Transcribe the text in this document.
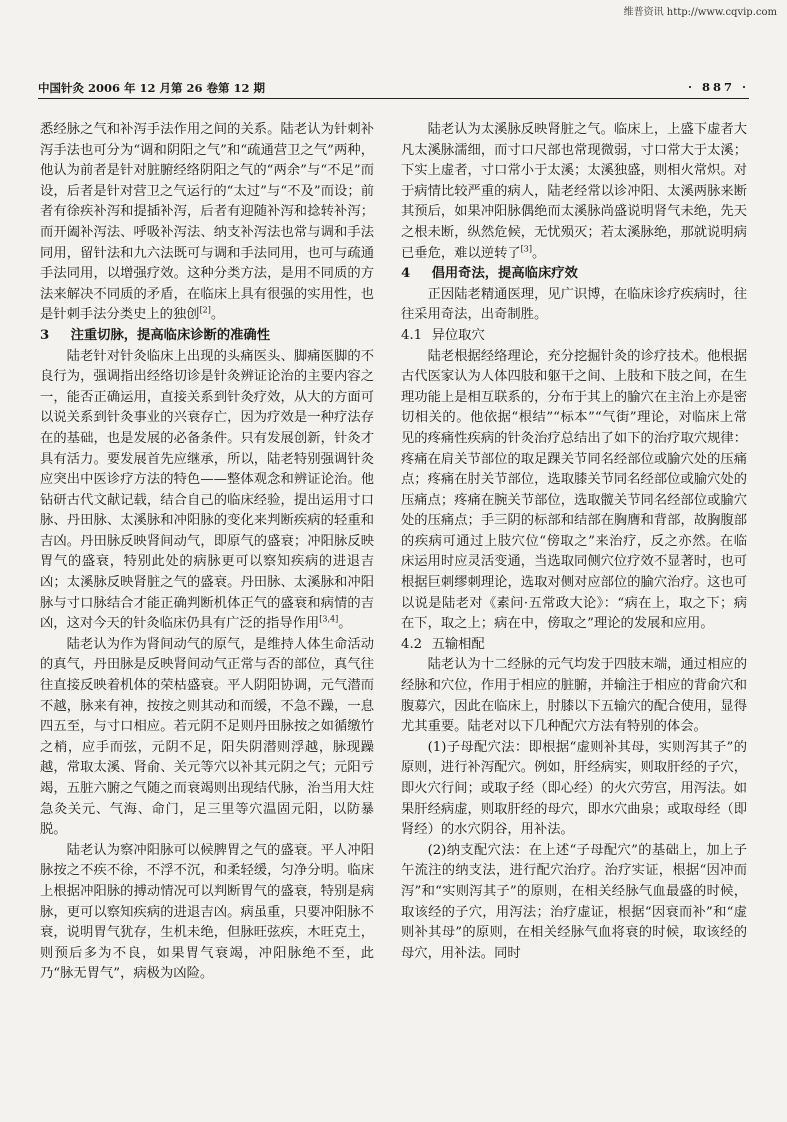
维普资讯 http://www.cqvip.com
中国针灸 2006 年 12 月第 26 卷第 12 期	· 887 ·

悉经脉之气和补泻手法作用之间的关系。陆老认为针刺补泻手法也可分为“调和阴阳之气”和“疏通营卫之气”两种，他认为前者是针对脏腑经络阴阳之气的“两余”与“不足”而设，后者是针对营卫之气运行的“太过”与“不及”而设；前者有徐疾补泻和提插补泻，后者有迎随补泻和捻转补泻；而开阖补泻法、呼吸补泻法、纳支补泻法也常与调和手法同用，留针法和九六法既可与调和手法同用，也可与疏通手法同用，以增强疗效。这种分类方法，是用不同质的方法来解决不同质的矛盾，在临床上具有很强的实用性，也是针刺手法分类史上的独创[2]。

3 注重切脉，提高临床诊断的准确性

陆老针对针灸临床上出现的头痛医头、脚痛医脚的不良行为，强调指出经络切诊是针灸辨证论治的主要内容之一，能否正确运用，直接关系到针灸疗效，从大的方面可以说关系到针灸事业的兴衰存亡，因为疗效是一种疗法存在的基础，也是发展的必备条件。只有发展创新，针灸才具有活力。要发展首先应继承，所以，陆老特别强调针灸应突出中医诊疗方法的特色——整体观念和辨证论治。他钻研古代文献记载，结合自己的临床经验，提出运用寸口脉、丹田脉、太溪脉和冲阳脉的变化来判断疾病的轻重和吉凶。丹田脉反映肾间动气，即原气的盛衰；冲阳脉反映胃气的盛衰，特别此处的病脉更可以察知疾病的进退吉凶；太溪脉反映肾脏之气的盛衰。丹田脉、太溪脉和冲阳脉与寸口脉结合才能正确判断机体正气的盛衰和病情的吉凶，这对今天的针灸临床仍具有广泛的指导作用[3,4]。

陆老认为作为肾间动气的原气，是维持人体生命活动的真气，丹田脉是反映肾间动气正常与否的部位，真气往往直接反映着机体的荣枯盛衰。平人阴阳协调，元气潜而不越，脉来有神，按按之则其动和而缓，不急不躁，一息四五至，与寸口相应。若元阴不足则丹田脉按之如循缴竹之梢，应手而弦，元阴不足，阳失阴潜则浮越，脉现躁越，常取太溪、肾俞、关元等穴以补其元阴之气；元阳亏竭，五脏六腑之气随之而衰竭则出现结代脉，治当用大炷急灸关元、气海、命门，足三里等穴温固元阳，以防暴脱。

陆老认为察冲阳脉可以候脾胃之气的盛衰。平人冲阳脉按之不疾不徐，不浮不沉，和柔轻缓，匀净分明。临床上根据冲阳脉的搏动情况可以判断胃气的盛衰，特别是病脉，更可以察知疾病的进退吉凶。病虽重，只要冲阳脉不衰，说明胃气犹存，生机未绝，但脉旺弦疾，木旺克土，则预后多为不良，如果胃气衰竭，冲阳脉绝不至，此乃“脉无胃气”，病极为凶险。

陆老认为太溪脉反映肾脏之气。临床上，上盛下虚者大凡太溪脉濡细，而寸口尺部也常现微弱，寸口常大于太溪；下实上虚者，寸口常小于太溪；太溪独盛，则相火常炽。对于病情比较严重的病人，陆老经常以诊冲阳、太溪两脉来断其预后，如果冲阳脉偶绝而太溪脉尚盛说明肾气未绝，先天之根未断，纵然危候，无忧殒灭；若太溪脉绝，那就说明病已垂危，难以逆转了[3]。

4 倡用奇法，提高临床疗效

正因陆老精通医理，见广识博，在临床诊疗疾病时，往往采用奇法，出奇制胜。

4.1 异位取穴

陆老根据经络理论，充分挖掘针灸的诊疗技术。他根据古代医家认为人体四肢和躯干之间、上肢和下肢之间，在生理功能上是相互联系的，分布于其上的腧穴在主治上亦是密切相关的。他依据“根结”“标本”“气街”理论，对临床上常见的疼痛性疾病的针灸治疗总结出了如下的治疗取穴规律：疼痛在肩关节部位的取足踝关节同名经部位或腧穴处的压痛点；疼痛在肘关节部位，选取膝关节同名经部位或腧穴处的压痛点；疼痛在腕关节部位，选取髋关节同名经部位或腧穴处的压痛点；手三阴的标部和结部在胸膺和背部，故胸腹部的疾病可通过上肢穴位“傍取之”来治疗，反之亦然。在临床运用时应灵活变通，当选取同侧穴位疗效不显著时，也可根据巨刺缪刺理论，选取对侧对应部位的腧穴治疗。这也可以说是陆老对《素问·五常政大论》：“病在上，取之下；病在下，取之上；病在中，傍取之”理论的发展和应用。

4.2 五输相配

陆老认为十二经脉的元气均发于四肢末端，通过相应的经脉和穴位，作用于相应的脏腑，并输注于相应的背俞穴和腹募穴，因此在临床上，肘膝以下五输穴的配合使用，显得尤其重要。陆老对以下几种配穴方法有特别的体会。

(1)子母配穴法：即根据“虚则补其母，实则泻其子”的原则，进行补泻配穴。例如，肝经病实，则取肝经的子穴，即火穴行间；或取子经（即心经）的火穴劳宫，用泻法。如果肝经病虚，则取肝经的母穴，即水穴曲泉；或取母经（即肾经）的水穴阴谷，用补法。

(2)纳支配穴法：在上述“子母配穴”的基础上，加上子午流注的纳支法，进行配穴治疗。治疗实证，根据“因冲而泻”和“实则泻其子”的原则，在相关经脉气血最盛的时候，取该经的子穴，用泻法；治疗虚证，根据“因衰而补”和“虚则补其母”的原则，在相关经脉气血将衰的时候，取该经的母穴，用补法。同时
